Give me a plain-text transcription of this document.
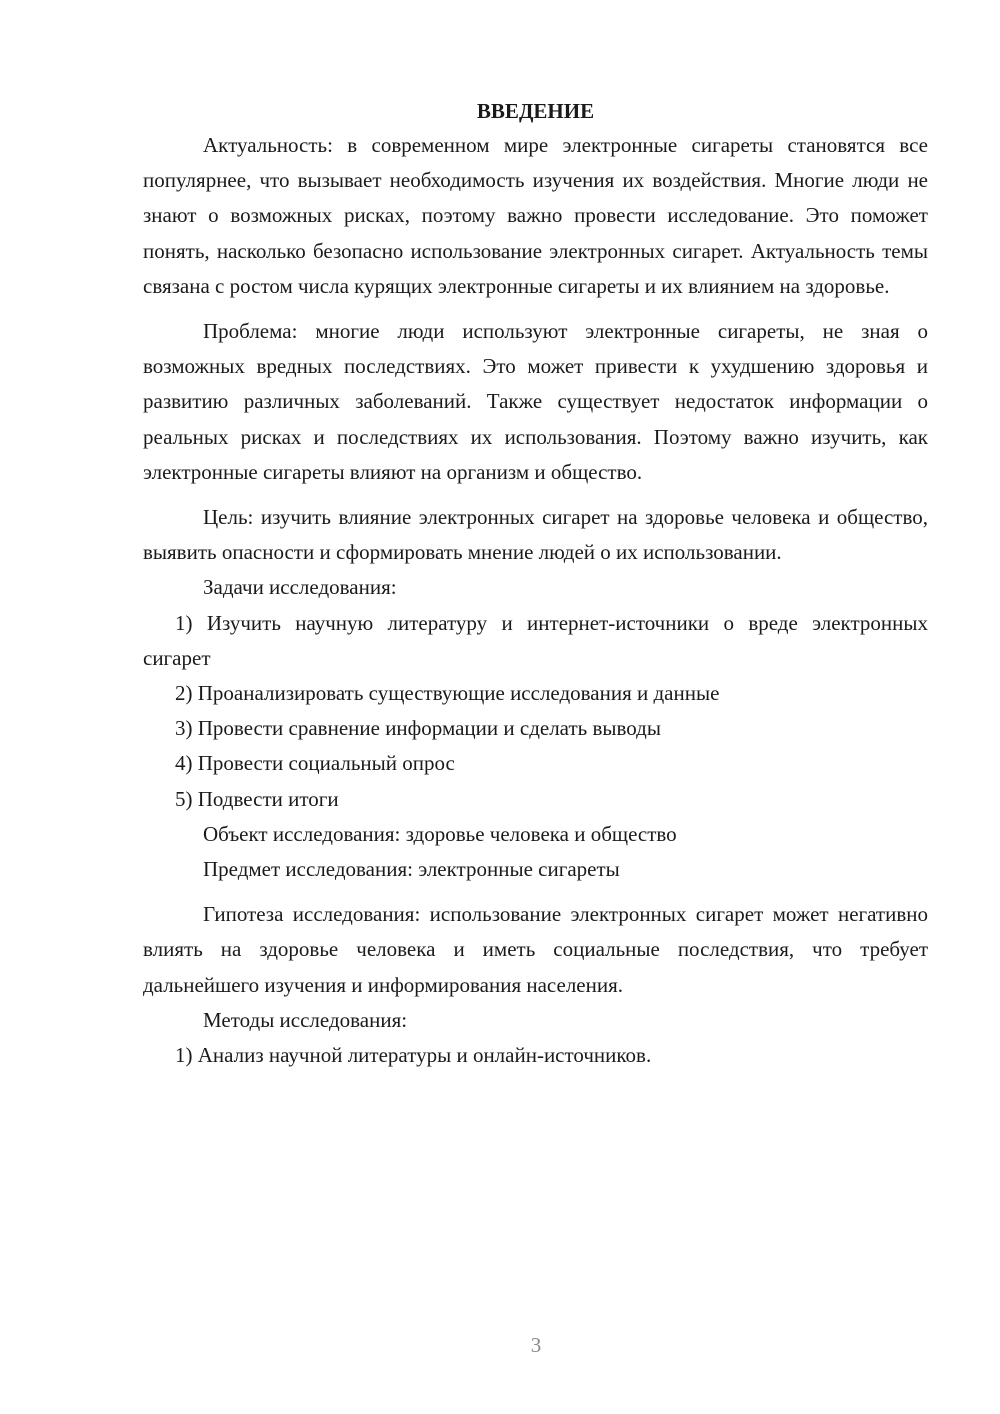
ВВЕДЕНИЕ

Актуальность: в современном мире электронные сигареты становятся все популярнее, что вызывает необходимость изучения их воздействия. Многие люди не знают о возможных рисках, поэтому важно провести исследование. Это поможет понять, насколько безопасно использование электронных сигарет. Актуальность темы связана с ростом числа курящих электронные сигареты и их влиянием на здоровье.

Проблема: многие люди используют электронные сигареты, не зная о возможных вредных последствиях. Это может привести к ухудшению здоровья и развитию различных заболеваний. Также существует недостаток информации о реальных рисках и последствиях их использования. Поэтому важно изучить, как электронные сигареты влияют на организм и общество.

Цель: изучить влияние электронных сигарет на здоровье человека и общество, выявить опасности и сформировать мнение людей о их использовании.

Задачи исследования:

1) Изучить научную литературу и интернет-источники о вреде электронных сигарет

2) Проанализировать существующие исследования и данные

3) Провести сравнение информации и сделать выводы

4) Провести социальный опрос

5) Подвести итоги

Объект исследования: здоровье человека и общество

Предмет исследования: электронные сигареты

Гипотеза исследования: использование электронных сигарет может негативно влиять на здоровье человека и иметь социальные последствия, что требует дальнейшего изучения и информирования населения.

Методы исследования:

1) Анализ научной литературы и онлайн-источников.

3
